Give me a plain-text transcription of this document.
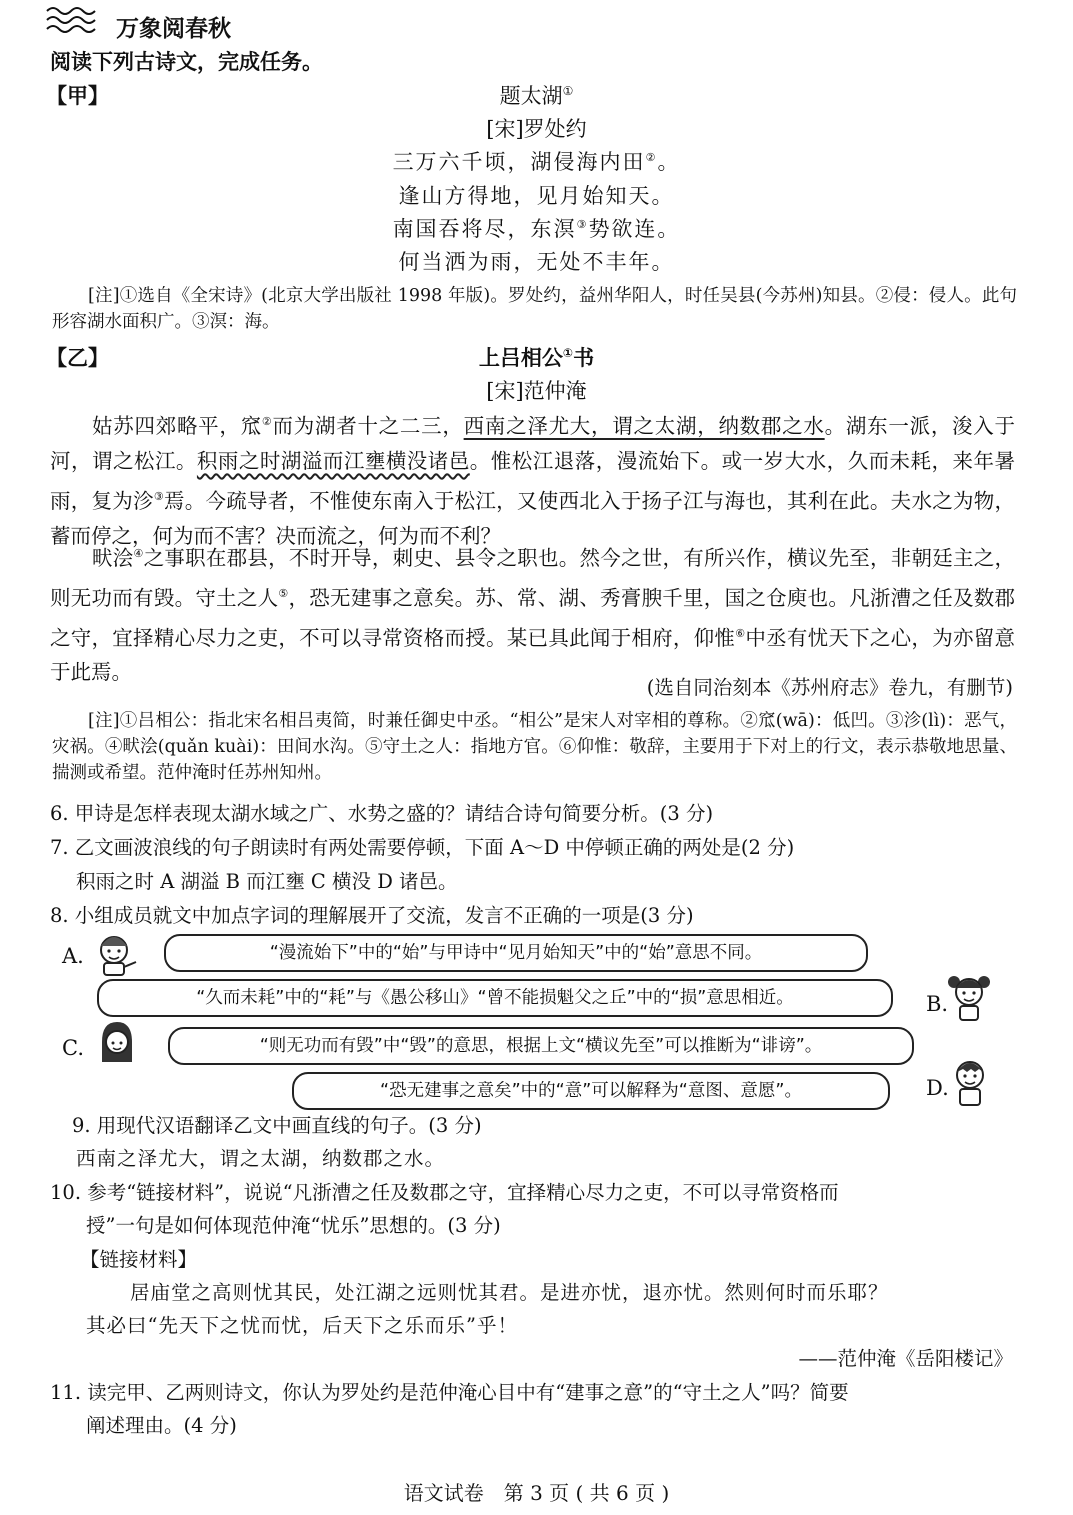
万象阅春秋
阅读下列古诗文，完成任务。
【甲】	题太湖①
[宋]罗处约
三万六千顷，湖侵海内田②。
逢山方得地，见月始知天。
南国吞将尽，东溟③势欲连。
何当洒为雨，无处不丰年。
[注]①选自《全宋诗》(北京大学出版社 1998 年版)。罗处约，益州华阳人，时任吴县(今苏州)知县。②侵：侵人。此句形容湖水面积广。③溟：海。
【乙】	上吕相公①书
[宋]范仲淹
姑苏四郊略平，窊②而为湖者十之二三，西南之泽尤大，谓之太湖，纳数郡之水。湖东一派，浚入于河，谓之松江。积雨之时湖溢而江壅横没诸邑。惟松江退落，漫流始下。或一岁大水，久而未耗，来年暑雨，复为沴③焉。今疏导者，不惟使东南入于松江，又使西北入于扬子江与海也，其利在此。夫水之为物，蓄而停之，何为而不害？决而流之，何为而不利？
畎浍④之事职在郡县，不时开导，刺史、县令之职也。然今之世，有所兴作，横议先至，非朝廷主之，则无功而有毁。守土之人⑤，恐无建事之意矣。苏、常、湖、秀膏腴千里，国之仓庾也。凡浙漕之任及数郡之守，宜择精心尽力之吏，不可以寻常资格而授。某已具此闻于相府，仰惟⑥中丞有忧天下之心，为亦留意于此焉。
(选自同治刻本《苏州府志》卷九，有删节)
[注]①吕相公：指北宋名相吕夷简，时兼任御史中丞。“相公”是宋人对宰相的尊称。②窊(wā)：低凹。③沴(lì)：恶气，灾祸。④畎浍(quǎn kuài)：田间水沟。⑤守土之人：指地方官。⑥仰惟：敬辞，主要用于下对上的行文，表示恭敬地思量、揣测或希望。范仲淹时任苏州知州。
6. 甲诗是怎样表现太湖水域之广、水势之盛的？请结合诗句简要分析。(3 分)
7. 乙文画波浪线的句子朗读时有两处需要停顿，下面 A～D 中停顿正确的两处是(2 分)
积雨之时 A 湖溢 B 而江壅 C 横没 D 诸邑。
8. 小组成员就文中加点字词的理解展开了交流，发言不正确的一项是(3 分)
A.	“漫流始下”中的“始”与甲诗中“见月始知天”中的“始”意思不同。
“久而未耗”中的“耗”与《愚公移山》“曾不能损魁父之丘”中的“损”意思相近。	B.
C.	“则无功而有毁”中“毁”的意思，根据上文“横议先至”可以推断为“诽谤”。
“恐无建事之意矣”中的“意”可以解释为“意图、意愿”。	D.
9. 用现代汉语翻译乙文中画直线的句子。(3 分)
西南之泽尤大，谓之太湖，纳数郡之水。
10. 参考“链接材料”，说说“凡浙漕之任及数郡之守，宜择精心尽力之吏，不可以寻常资格而
授”一句是如何体现范仲淹“忧乐”思想的。(3 分)
【链接材料】
居庙堂之高则忧其民，处江湖之远则忧其君。是进亦忧，退亦忧。然则何时而乐耶？
其必曰“先天下之忧而忧，后天下之乐而乐”乎！
——范仲淹《岳阳楼记》
11. 读完甲、乙两则诗文，你认为罗处约是范仲淹心目中有“建事之意”的“守土之人”吗？简要
阐述理由。(4 分)
语文试卷　第 3 页 ( 共 6 页 )
